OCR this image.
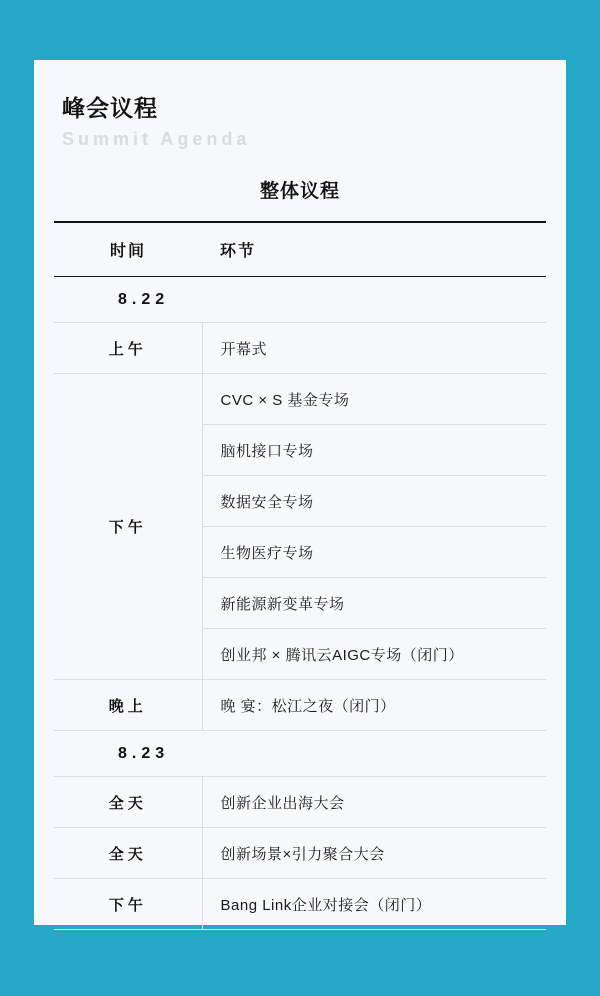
峰会议程
Summit Agenda
整体议程
时间	环节
8.22	
上午	开幕式
下午	CVC × S 基金专场
	脑机接口专场
	数据安全专场
	生物医疗专场
	新能源新变革专场
	创业邦 × 腾讯云AIGC专场（闭门）
晚上	晚 宴：松江之夜（闭门）
8.23	
全天	创新企业出海大会
全天	创新场景×引力聚合大会
下午	Bang Link企业对接会（闭门）
